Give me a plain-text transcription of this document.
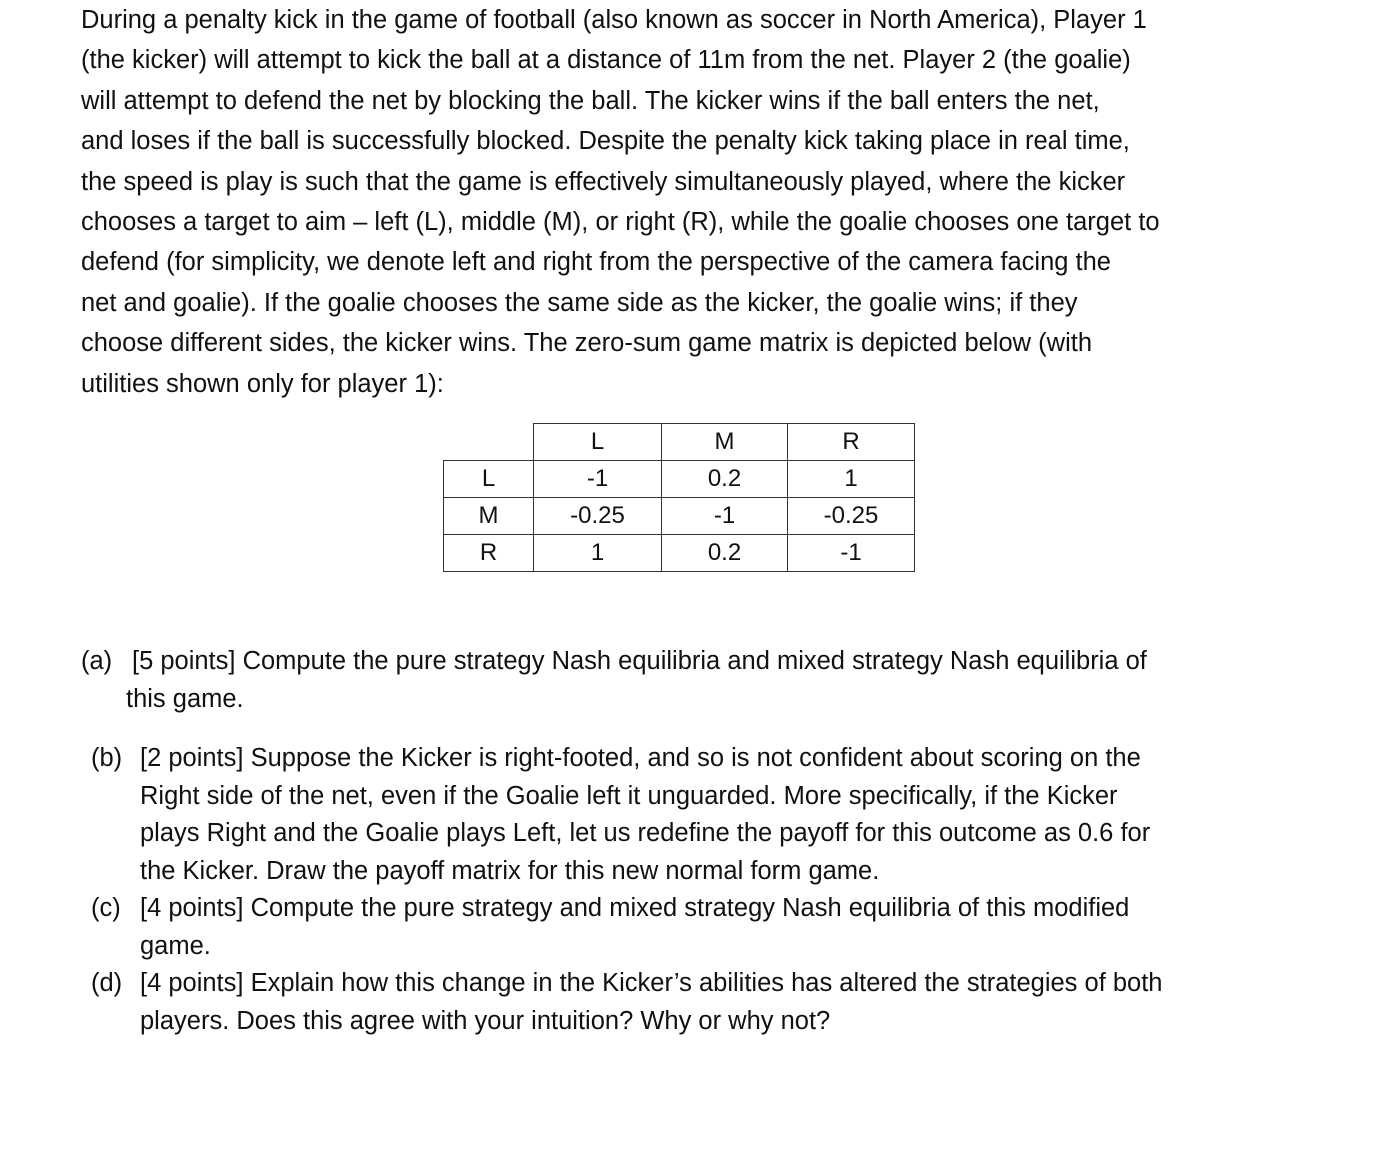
During a penalty kick in the game of football (also known as soccer in North America), Player 1
(the kicker) will attempt to kick the ball at a distance of 11m from the net. Player 2 (the goalie)
will attempt to defend the net by blocking the ball. The kicker wins if the ball enters the net,
and loses if the ball is successfully blocked. Despite the penalty kick taking place in real time,
the speed is play is such that the game is effectively simultaneously played, where the kicker
chooses a target to aim – left (L), middle (M), or right (R), while the goalie chooses one target to
defend (for simplicity, we denote left and right from the perspective of the camera facing the
net and goalie). If the goalie chooses the same side as the kicker, the goalie wins; if they
choose different sides, the kicker wins. The zero-sum game matrix is depicted below (with
utilities shown only for player 1):
	L	M	R
L	-1	0.2	1
M	-0.25	-1	-0.25
R	1	0.2	-1
(a) [5 points] Compute the pure strategy Nash equilibria and mixed strategy Nash equilibria of
this game.
(b) [2 points] Suppose the Kicker is right-footed, and so is not confident about scoring on the
Right side of the net, even if the Goalie left it unguarded. More specifically, if the Kicker
plays Right and the Goalie plays Left, let us redefine the payoff for this outcome as 0.6 for
the Kicker. Draw the payoff matrix for this new normal form game.
(c) [4 points] Compute the pure strategy and mixed strategy Nash equilibria of this modified
game.
(d) [4 points] Explain how this change in the Kicker’s abilities has altered the strategies of both
players. Does this agree with your intuition? Why or why not?
